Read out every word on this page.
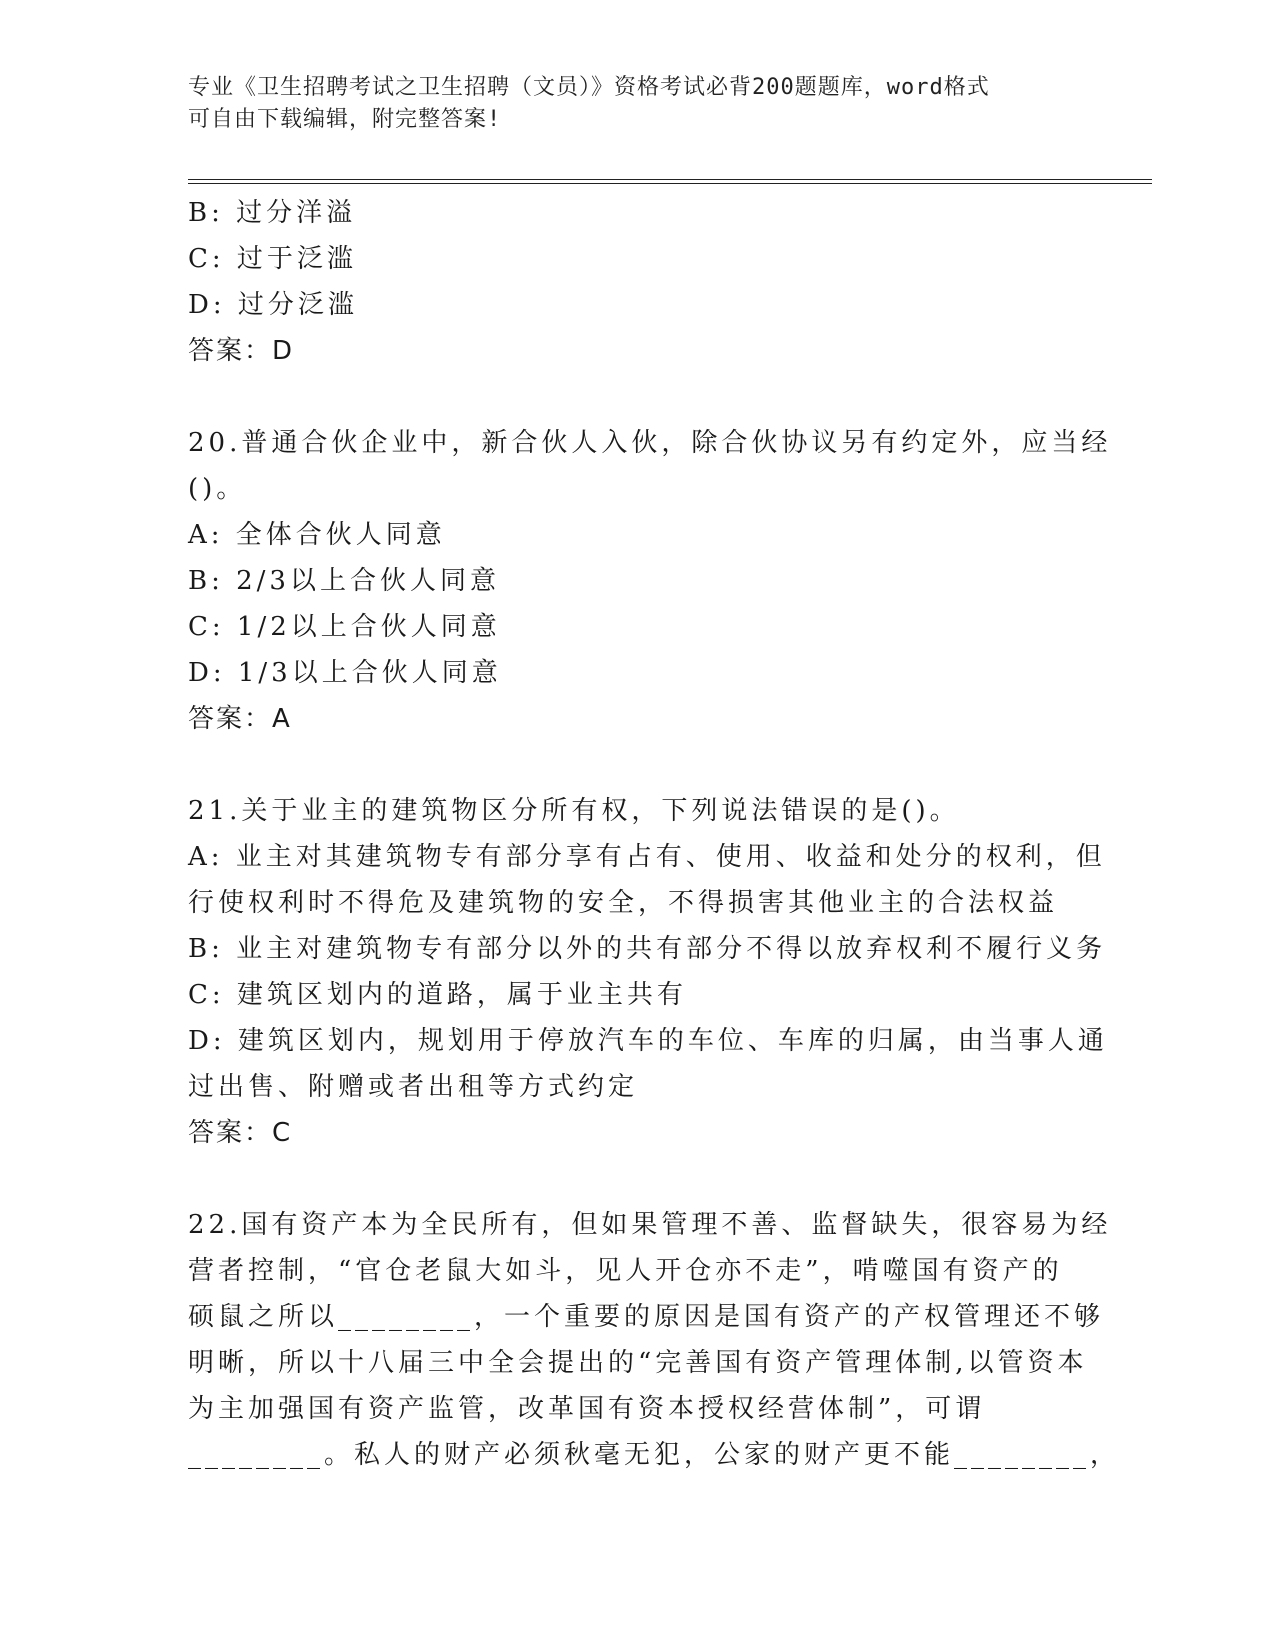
专业《卫生招聘考试之卫生招聘（文员）》资格考试必背200题题库，word格式
可自由下载编辑，附完整答案!
B: 过分洋溢
C: 过于泛滥
D: 过分泛滥
答案：D
20.普通合伙企业中，新合伙人入伙，除合伙协议另有约定外，应当经
()。
A: 全体合伙人同意
B: 2/3以上合伙人同意
C: 1/2以上合伙人同意
D: 1/3以上合伙人同意
答案：A
21.关于业主的建筑物区分所有权，下列说法错误的是()。
A: 业主对其建筑物专有部分享有占有、使用、收益和处分的权利，但
行使权利时不得危及建筑物的安全，不得损害其他业主的合法权益
B: 业主对建筑物专有部分以外的共有部分不得以放弃权利不履行义务
C: 建筑区划内的道路，属于业主共有
D: 建筑区划内，规划用于停放汽车的车位、车库的归属，由当事人通
过出售、附赠或者出租等方式约定
答案：C
22.国有资产本为全民所有，但如果管理不善、监督缺失，很容易为经
营者控制，“官仓老鼠大如斗，见人开仓亦不走”，啃噬国有资产的
硕鼠之所以________，一个重要的原因是国有资产的产权管理还不够
明晰，所以十八届三中全会提出的“完善国有资产管理体制,以管资本
为主加强国有资产监管，改革国有资本授权经营体制”，可谓
________。私人的财产必须秋毫无犯，公家的财产更不能________，
